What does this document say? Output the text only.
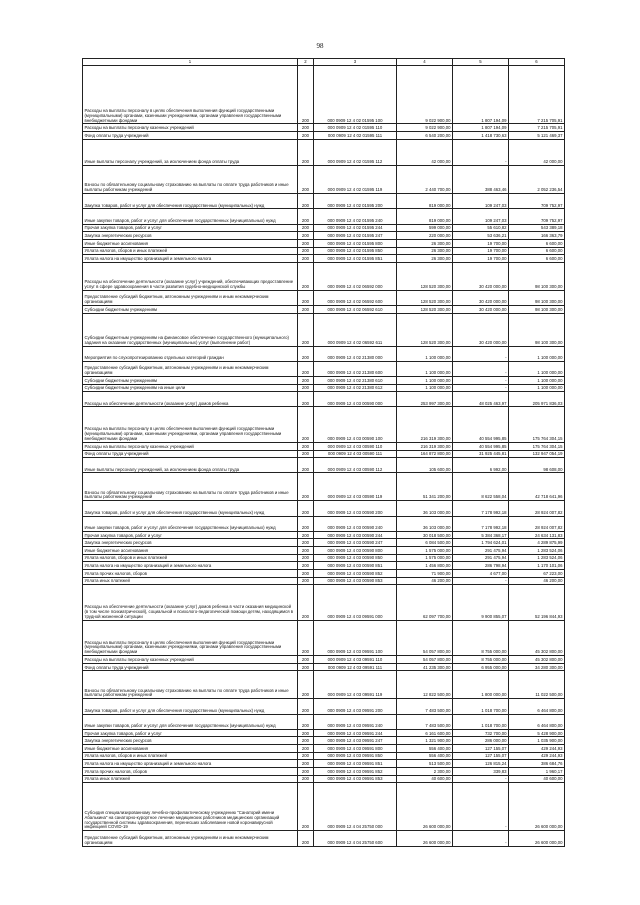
98
1	2	3	4	5	6
Расходы на выплаты персоналу в целях обеспечения выполнения функций государственными (муниципальными) органами, казенными учреждениями, органами управления государственными внебюджетными фондами	200	000 0909 12 4 02 01595 100	9 022 900,00	1 807 194,09	7 215 705,91
Расходы на выплаты персоналу казенных учреждений	200	000 0909 12 4 02 01595 110	9 022 900,00	1 807 194,09	7 215 705,91
Фонд оплаты труда учреждений	200	000 0909 12 4 02 01595 111	6 540 200,00	1 418 730,63	5 121 469,37
Иные выплаты персоналу учреждений, за исключением фонда оплаты труда	200	000 0909 12 4 02 01595 112	42 000,00	-	42 000,00
Взносы по обязательному социальному страхованию на выплаты по оплате труда работников и иные выплаты работникам учреждений	200	000 0909 12 4 02 01595 119	2 440 700,00	388 463,46	2 052 236,54
Закупка товаров, работ и услуг для обеспечения государственных (муниципальных) нужд	200	000 0909 12 4 02 01595 200	819 000,00	109 247,03	709 752,97
Иные закупки товаров, работ и услуг для обеспечения государственных (муниципальных) нужд	200	000 0909 12 4 02 01595 240	819 000,00	109 247,03	709 752,97
Прочая закупка товаров, работ и услуг	200	000 0909 12 4 02 01595 244	599 000,00	55 610,82	543 389,18
Закупка энергетических ресурсов	200	000 0909 12 4 02 01595 247	220 000,00	53 636,21	166 363,79
Иные бюджетные ассигнования	200	000 0909 12 4 02 01595 800	26 300,00	19 700,00	6 600,00
Уплата налогов, сборов и иных платежей	200	000 0909 12 4 02 01595 850	26 300,00	19 700,00	6 600,00
Уплата налога на имущество организаций и земельного налога	200	000 0909 12 4 02 01595 851	26 300,00	19 700,00	6 600,00
Расходы на обеспечение деятельности (оказание услуг) учреждений, обеспечивающих предоставление услуг в сфере здравоохранения в части развития судебно-медицинской службы	200	000 0909 12 4 02 06592 000	128 520 300,00	30 420 000,00	98 100 300,00
Предоставление субсидий бюджетным, автономным учреждениям и иным некоммерческим организациям	200	000 0909 12 4 02 06592 600	128 520 300,00	30 420 000,00	98 100 300,00
Субсидии бюджетным учреждениям	200	000 0909 12 4 02 06592 610	128 520 300,00	30 420 000,00	98 100 300,00
Субсидии бюджетным учреждениям на финансовое обеспечение государственного (муниципального) задания на оказание государственных (муниципальных) услуг (выполнение работ)	200	000 0909 12 4 02 06592 611	128 520 300,00	30 420 000,00	98 100 300,00
Мероприятия по слухопротезированию отдельных категорий граждан	200	000 0909 12 4 02 21380 000	1 100 000,00	-	1 100 000,00
Предоставление субсидий бюджетным, автономным учреждениям и иным некоммерческим организациям	200	000 0909 12 4 02 21380 600	1 100 000,00	-	1 100 000,00
Субсидии бюджетным учреждениям	200	000 0909 12 4 02 21380 610	1 100 000,00	-	1 100 000,00
Субсидии бюджетным учреждениям на иные цели	200	000 0909 12 4 02 21380 612	1 100 000,00	-	1 100 000,00
Расходы на обеспечение деятельности (оказание услуг) домов ребенка	200	000 0909 12 4 03 00590 000	253 997 300,00	48 025 463,97	205 971 836,03
Расходы на выплаты персоналу в целях обеспечения выполнения функций государственными (муниципальными) органами, казенными учреждениями, органами управления государственными внебюджетными фондами	200	000 0909 12 4 03 00590 100	216 319 300,00	40 554 995,85	175 764 304,15
Расходы на выплаты персоналу казенных учреждений	200	000 0909 12 4 03 00590 110	216 319 300,00	40 554 995,85	175 764 304,15
Фонд оплаты труда учреждений	200	000 0909 12 4 03 00590 111	164 872 800,00	31 925 445,81	132 947 054,19
Иные выплаты персоналу учреждений, за исключением фонда оплаты труда	200	000 0909 12 4 03 00590 112	105 600,00	6 992,00	98 608,00
Взносы по обязательному социальному страхованию на выплаты по оплате труда работников и иные выплаты работникам учреждений	200	000 0909 12 4 03 00590 119	51 341 200,00	8 622 558,04	42 718 641,96
Закупка товаров, работ и услуг для обеспечения государственных (муниципальных) нужд	200	000 0909 12 4 03 00590 200	36 103 000,00	7 178 992,18	28 924 007,82
Иные закупки товаров, работ и услуг для обеспечения государственных (муниципальных) нужд	200	000 0909 12 4 03 00590 240	36 103 000,00	7 178 992,18	28 924 007,82
Прочая закупка товаров, работ и услуг	200	000 0909 12 4 03 00590 244	30 018 500,00	5 384 368,17	24 634 131,83
Закупка энергетических ресурсов	200	000 0909 12 4 03 00590 247	6 084 500,00	1 794 624,01	4 289 875,99
Иные бюджетные ассигнования	200	000 0909 12 4 03 00590 800	1 575 000,00	291 475,94	1 283 524,06
Уплата налогов, сборов и иных платежей	200	000 0909 12 4 03 00590 850	1 575 000,00	291 475,94	1 283 524,06
Уплата налога на имущество организаций и земельного налога	200	000 0909 12 4 03 00590 851	1 456 800,00	286 798,94	1 170 101,06
Уплата прочих налогов, сборов	200	000 0909 12 4 03 00590 852	71 900,00	4 677,00	67 223,00
Уплата иных платежей	200	000 0909 12 4 03 00590 853	46 200,00	-	46 200,00
Расходы на обеспечение деятельности (оказание услуг) домов ребенка в части оказания медицинской (в том числе психиатрической), социальной и психолого-педагогической помощи детям, находящимся в трудной жизненной ситуации	200	000 0909 12 4 03 09591 000	62 097 700,00	9 900 855,07	52 196 844,93
Расходы на выплаты персоналу в целях обеспечения выполнения функций государственными (муниципальными) органами, казенными учреждениями, органами управления государственными внебюджетными фондами	200	000 0909 12 4 03 09591 100	54 057 800,00	8 755 000,00	45 302 800,00
Расходы на выплаты персоналу казенных учреждений	200	000 0909 12 4 03 09591 110	54 057 800,00	8 755 000,00	45 302 800,00
Фонд оплаты труда учреждений	200	000 0909 12 4 03 09591 111	41 235 300,00	6 955 000,00	34 280 300,00
Взносы по обязательному социальному страхованию на выплаты по оплате труда работников и иные выплаты работникам учреждений	200	000 0909 12 4 03 09591 119	12 822 500,00	1 800 000,00	11 022 500,00
Закупка товаров, работ и услуг для обеспечения государственных (муниципальных) нужд	200	000 0909 12 4 03 09591 200	7 483 500,00	1 018 700,00	6 464 800,00
Иные закупки товаров, работ и услуг для обеспечения государственных (муниципальных) нужд	200	000 0909 12 4 03 09591 240	7 483 500,00	1 018 700,00	6 464 800,00
Прочая закупка товаров, работ и услуг	200	000 0909 12 4 03 09591 244	6 161 600,00	732 700,00	5 428 900,00
Закупка энергетических ресурсов	200	000 0909 12 4 03 09591 247	1 321 900,00	286 000,00	1 035 900,00
Иные бюджетные ассигнования	200	000 0909 12 4 03 09591 800	556 400,00	127 155,07	429 244,93
Уплата налогов, сборов и иных платежей	200	000 0909 12 4 03 09591 850	556 400,00	127 155,07	429 244,93
Уплата налога на имущество организаций и земельного налога	200	000 0909 12 4 03 09591 851	513 500,00	126 815,24	386 684,76
Уплата прочих налогов, сборов	200	000 0909 12 4 03 09591 852	2 300,00	339,83	1 960,17
Уплата иных платежей	200	000 0909 12 4 03 09591 853	40 600,00	-	40 600,00
Субсидия специализированному лечебно-профилактическому учреждению "Санаторий имени Абалькина" на санаторно-курортное лечение медицинских работников медицинских организаций государственной системы здравоохранения, перенесших заболевание новой коронавирусной инфекцией COVID-19	200	000 0909 12 4 04 25750 000	26 600 000,00	-	26 600 000,00
Предоставление субсидий бюджетным, автономным учреждениям и иным некоммерческим организациям	200	000 0909 12 4 04 25750 600	26 600 000,00	-	26 600 000,00
